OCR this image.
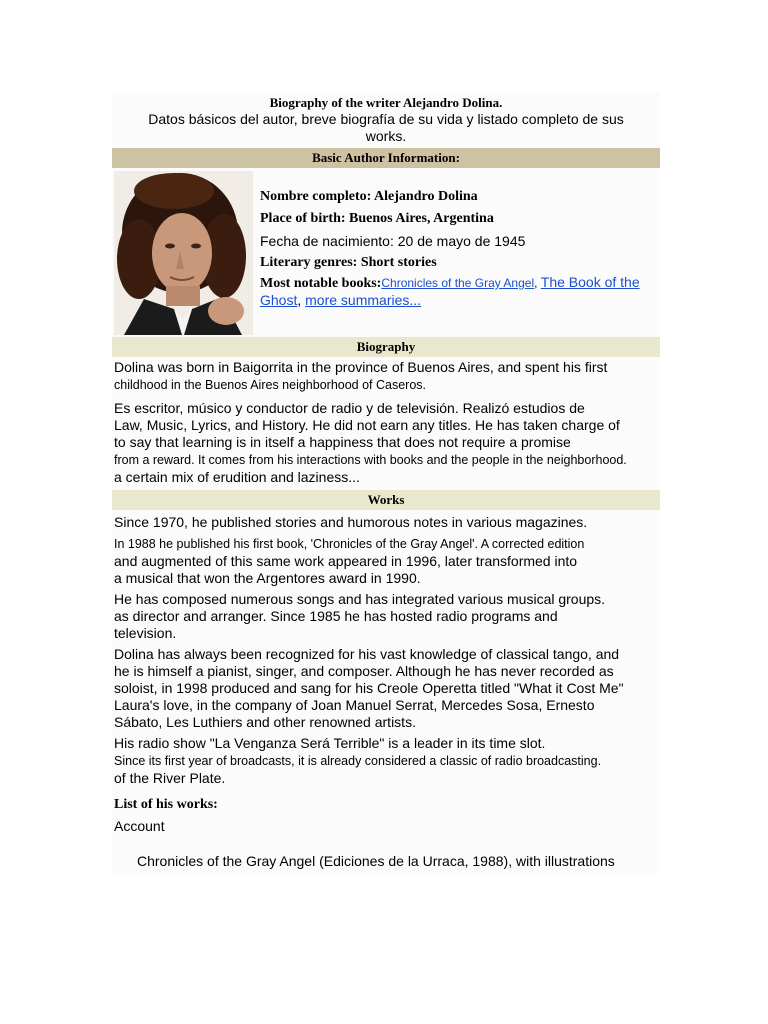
Biography of the writer Alejandro Dolina.
Datos básicos del autor, breve biografía de su vida y listado completo de sus works.
Basic Author Information:
Nombre completo: Alejandro Dolina
Place of birth: Buenos Aires, Argentina
Fecha de nacimiento: 20 de mayo de 1945
Literary genres: Short stories
Most notable books:Chronicles of the Gray Angel, The Book of the Ghost, more summaries...
Biography

Dolina was born in Baigorrita in the province of Buenos Aires, and spent his first
childhood in the Buenos Aires neighborhood of Caseros.

Es escritor, músico y conductor de radio y de televisión. Realizó estudios de
Law, Music, Lyrics, and History. He did not earn any titles. He has taken charge of
to say that learning is in itself a happiness that does not require a promise
from a reward. It comes from his interactions with books and the people in the neighborhood.
a certain mix of erudition and laziness...

Works

Since 1970, he published stories and humorous notes in various magazines.

In 1988 he published his first book, 'Chronicles of the Gray Angel'. A corrected edition
and augmented of this same work appeared in 1996, later transformed into
a musical that won the Argentores award in 1990.

He has composed numerous songs and has integrated various musical groups.
as director and arranger. Since 1985 he has hosted radio programs and
television.

Dolina has always been recognized for his vast knowledge of classical tango, and
he is himself a pianist, singer, and composer. Although he has never recorded as
soloist, in 1998 produced and sang for his Creole Operetta titled "What it Cost Me"
Laura's love, in the company of Joan Manuel Serrat, Mercedes Sosa, Ernesto
Sábato, Les Luthiers and other renowned artists.

His radio show "La Venganza Será Terrible" is a leader in its time slot.
Since its first year of broadcasts, it is already considered a classic of radio broadcasting.
of the River Plate.

List of his works:
Account
Chronicles of the Gray Angel (Ediciones de la Urraca, 1988), with illustrations
